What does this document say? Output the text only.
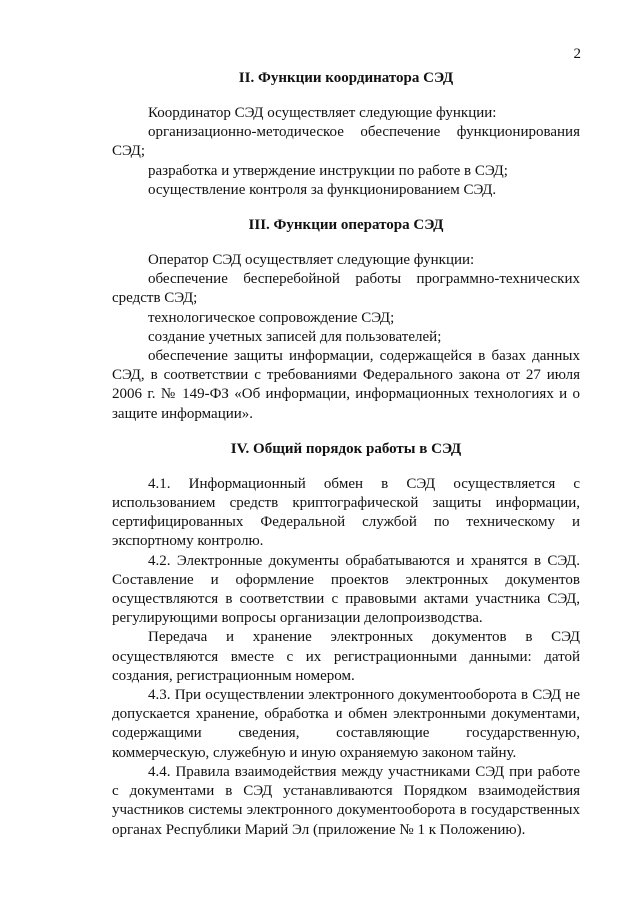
2
II. Функции координатора СЭД

Координатор СЭД осуществляет следующие функции:

организационно-методическое обеспечение функционирования СЭД;

разработка и утверждение инструкции по работе в СЭД;

осуществление контроля за функционированием СЭД.

III. Функции оператора СЭД

Оператор СЭД осуществляет следующие функции:

обеспечение бесперебойной работы программно-технических средств СЭД;

технологическое сопровождение СЭД;

создание учетных записей для пользователей;

обеспечение защиты информации, содержащейся в базах данных СЭД, в соответствии с требованиями Федерального закона от 27 июля 2006 г. № 149-ФЗ «Об информации, информационных технологиях и о защите информации».

IV. Общий порядок работы в СЭД

4.1. Информационный обмен в СЭД осуществляется с использованием средств криптографической защиты информации, сертифицированных Федеральной службой по техническому и экспортному контролю.

4.2. Электронные документы обрабатываются и хранятся в СЭД. Составление и оформление проектов электронных документов осуществляются в соответствии с правовыми актами участника СЭД, регулирующими вопросы организации делопроизводства.

Передача и хранение электронных документов в СЭД осуществляются вместе с их регистрационными данными: датой создания, регистрационным номером.

4.3. При осуществлении электронного документооборота в СЭД не допускается хранение, обработка и обмен электронными документами, содержащими сведения, составляющие государственную, коммерческую, служебную и иную охраняемую законом тайну.

4.4. Правила взаимодействия между участниками СЭД при работе с документами в СЭД устанавливаются Порядком взаимодействия участников системы электронного документооборота в государственных органах Республики Марий Эл (приложение № 1 к Положению).
